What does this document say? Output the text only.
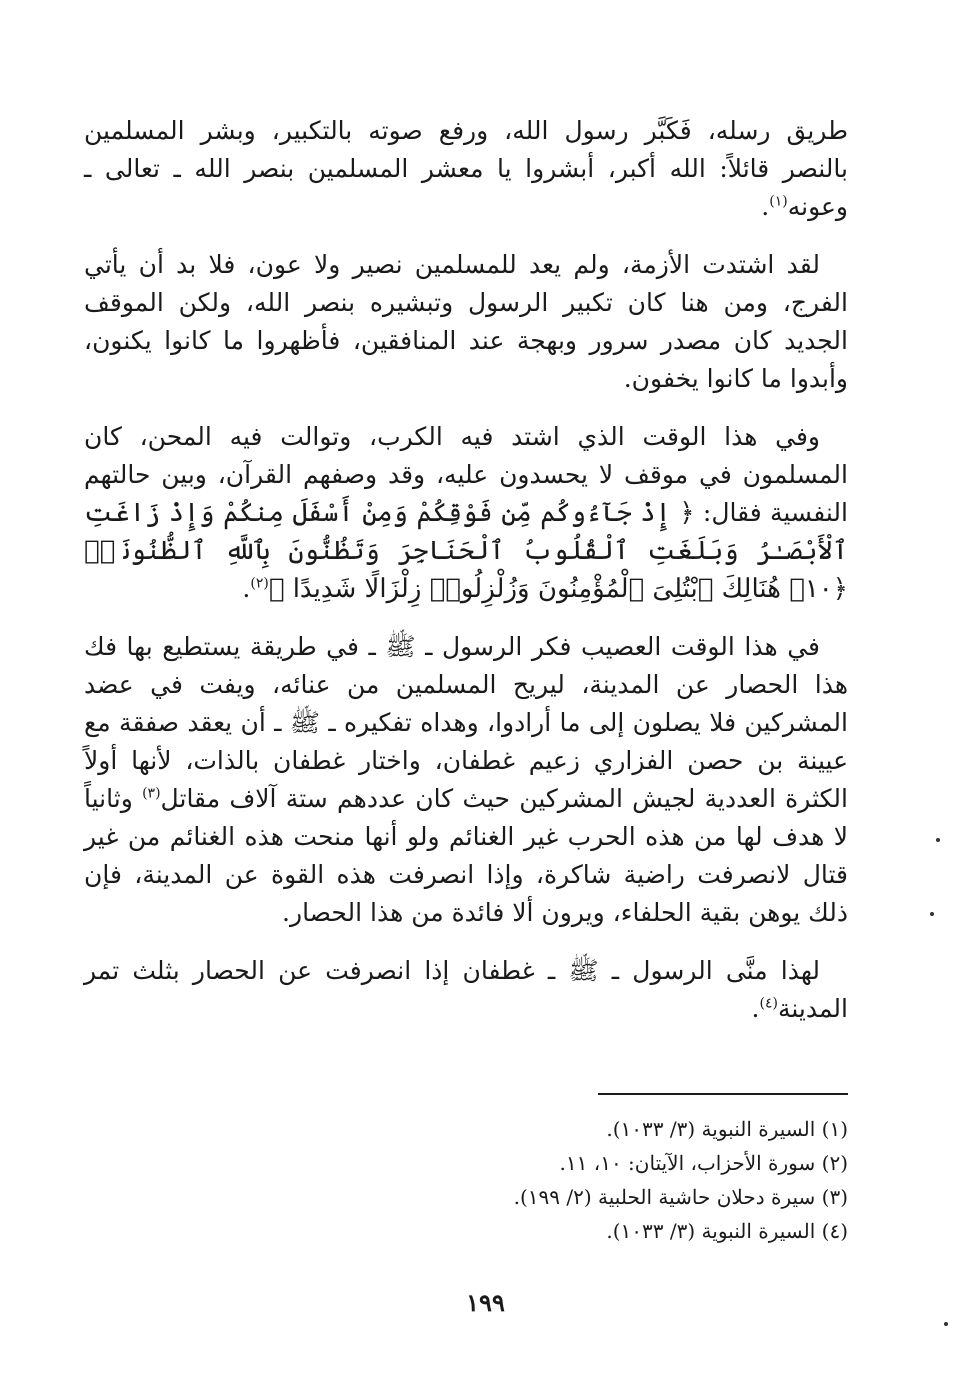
طريق رسله، فَكَبَّر رسول الله، ورفع صوته بالتكبير، وبشر المسلمين بالنصر قائلاً: الله أكبر، أبشروا يا معشر المسلمين بنصر الله ـ تعالى ـ وعونه$^{(١)}$.

لقد اشتدت الأزمة، ولم يعد للمسلمين نصير ولا عون، فلا بد أن يأتي الفرج، ومن هنا كان تكبير الرسول وتبشيره بنصر الله، ولكن الموقف الجديد كان مصدر سرور وبهجة عند المنافقين، فأظهروا ما كانوا يكنون، وأبدوا ما كانوا يخفون.

وفي هذا الوقت الذي اشتد فيه الكرب، وتوالت فيه المحن، كان المسلمون في موقف لا يحسدون عليه، وقد وصفهم القرآن، وبين حالتهم النفسية فقال: ﴿ إِذْ جَآءُوكُم مِّن فَوْقِكُمْ وَمِنْ أَسْفَلَ مِنكُمْ وَإِذْ زَاغَتِ ٱلْأَبْصَـٰرُ وَبَلَغَتِ ٱلْقُلُوبُ ٱلْحَنَاجِرَ وَتَظُنُّونَ بِٱللَّهِ ٱلظُّنُونَا۠ ﴿١٠﴾ هُنَالِكَ ٱبْتُلِىَ ٱلْمُؤْمِنُونَ وَزُلْزِلُوا۟ زِلْزَالًا شَدِيدًا ﴾$^{(٢)}$.

في هذا الوقت العصيب فكر الرسول ـ ﷺ ـ في طريقة يستطيع بها فك هذا الحصار عن المدينة، ليريح المسلمين من عنائه، ويفت في عضد المشركين فلا يصلون إلى ما أرادوا، وهداه تفكيره ـ ﷺ ـ أن يعقد صفقة مع عيينة بن حصن الفزاري زعيم غطفان، واختار غطفان بالذات، لأنها أولاً الكثرة العددية لجيش المشركين حيث كان عددهم ستة آلاف مقاتل$^{(٣)}$ وثانياً لا هدف لها من هذه الحرب غير الغنائم ولو أنها منحت هذه الغنائم من غير قتال لانصرفت راضية شاكرة، وإذا انصرفت هذه القوة عن المدينة، فإن ذلك يوهن بقية الحلفاء، ويرون ألا فائدة من هذا الحصار.

لهذا منَّى الرسول ـ ﷺ ـ غطفان إذا انصرفت عن الحصار بثلث تمر المدينة$^{(٤)}$.

(١) السيرة النبوية (٣/ ١٠٣٣).

(٢) سورة الأحزاب، الآيتان: ١٠، ١١.

(٣) سيرة دحلان حاشية الحلبية (٢/ ١٩٩).

(٤) السيرة النبوية (٣/ ١٠٣٣).

١٩٩
